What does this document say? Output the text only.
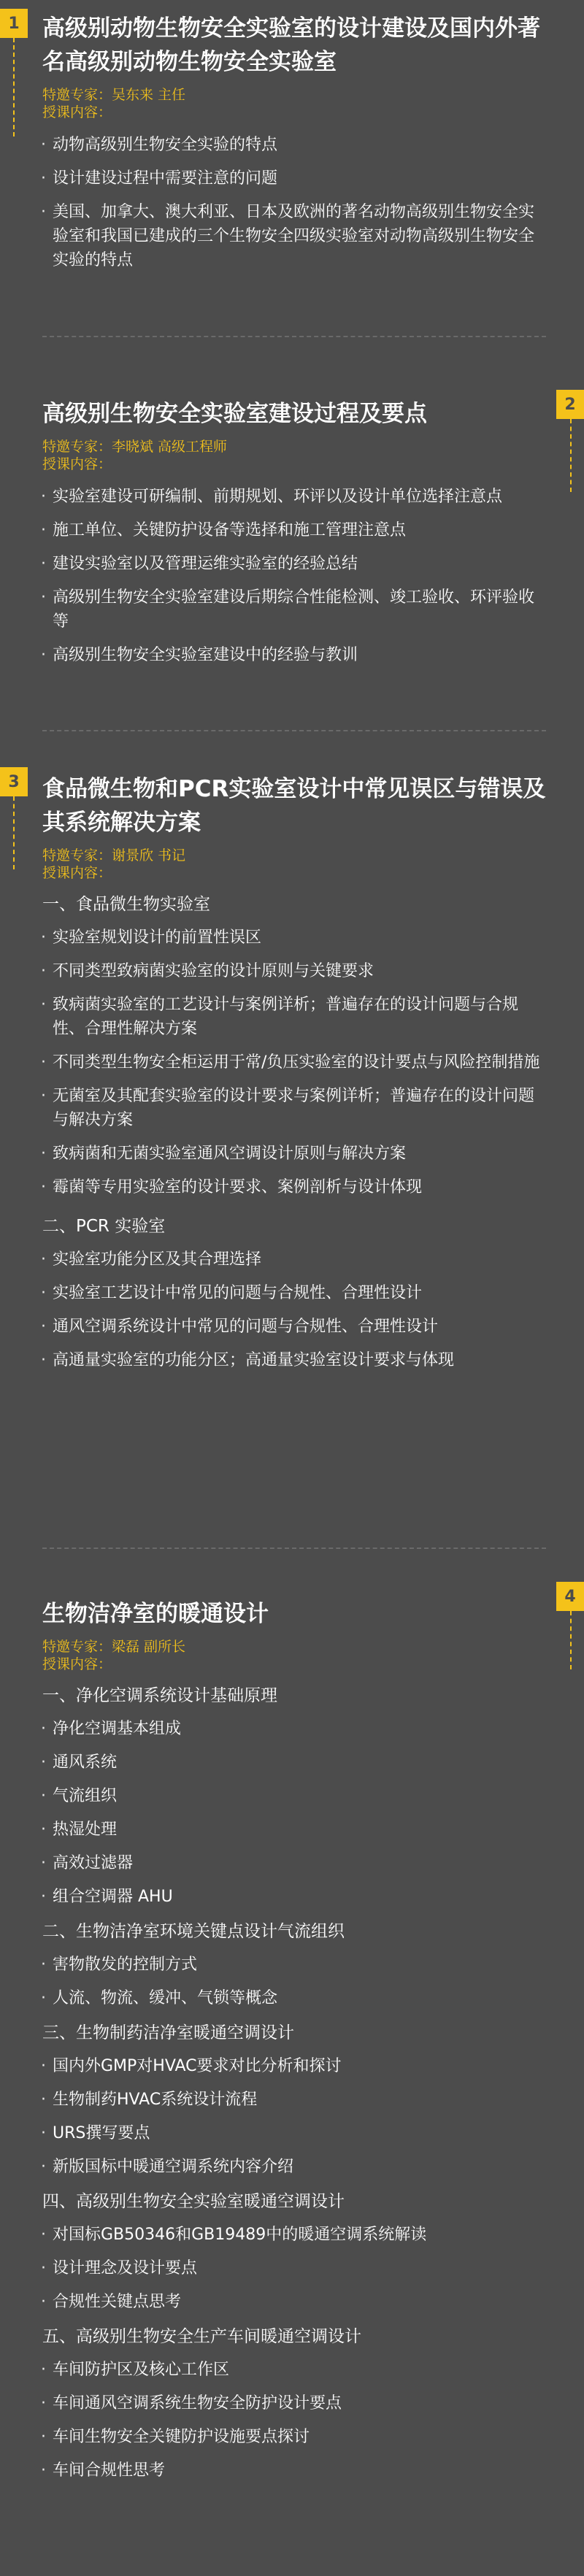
1
2
3
4
高级别动物生物安全实验室的设计建设及国内外著名高级别动物生物安全实验室
特邀专家：吴东来 主任
授课内容：
· 动物高级别生物安全实验的特点
· 设计建设过程中需要注意的问题
· 美国、加拿大、澳大利亚、日本及欧洲的著名动物高级别生物安全实验室和我国已建成的三个生物安全四级实验室对动物高级别生物安全实验的特点
高级别生物安全实验室建设过程及要点
特邀专家：李晓斌 高级工程师
授课内容：
· 实验室建设可研编制、前期规划、环评以及设计单位选择注意点
· 施工单位、关键防护设备等选择和施工管理注意点
· 建设实验室以及管理运维实验室的经验总结
· 高级别生物安全实验室建设后期综合性能检测、竣工验收、环评验收等
· 高级别生物安全实验室建设中的经验与教训
食品微生物和PCR实验室设计中常见误区与错误及其系统解决方案
特邀专家：谢景欣 书记
授课内容：
一、食品微生物实验室
· 实验室规划设计的前置性误区
· 不同类型致病菌实验室的设计原则与关键要求
· 致病菌实验室的工艺设计与案例详析；普遍存在的设计问题与合规性、合理性解决方案
· 不同类型生物安全柜运用于常/负压实验室的设计要点与风险控制措施
· 无菌室及其配套实验室的设计要求与案例详析；普遍存在的设计问题与解决方案
· 致病菌和无菌实验室通风空调设计原则与解决方案
· 霉菌等专用实验室的设计要求、案例剖析与设计体现
二、PCR 实验室
· 实验室功能分区及其合理选择
· 实验室工艺设计中常见的问题与合规性、合理性设计
· 通风空调系统设计中常见的问题与合规性、合理性设计
· 高通量实验室的功能分区；高通量实验室设计要求与体现
生物洁净室的暖通设计
特邀专家：梁磊 副所长
授课内容：
一、净化空调系统设计基础原理
· 净化空调基本组成
· 通风系统
· 气流组织
· 热湿处理
· 高效过滤器
· 组合空调器 AHU
二、生物洁净室环境关键点设计气流组织
· 害物散发的控制方式
· 人流、物流、缓冲、气锁等概念
三、生物制药洁净室暖通空调设计
· 国内外GMP对HVAC要求对比分析和探讨
· 生物制药HVAC系统设计流程
· URS撰写要点
· 新版国标中暖通空调系统内容介绍
四、高级别生物安全实验室暖通空调设计
· 对国标GB50346和GB19489中的暖通空调系统解读
· 设计理念及设计要点
· 合规性关键点思考
五、高级别生物安全生产车间暖通空调设计
· 车间防护区及核心工作区
· 车间通风空调系统生物安全防护设计要点
· 车间生物安全关键防护设施要点探讨
· 车间合规性思考
